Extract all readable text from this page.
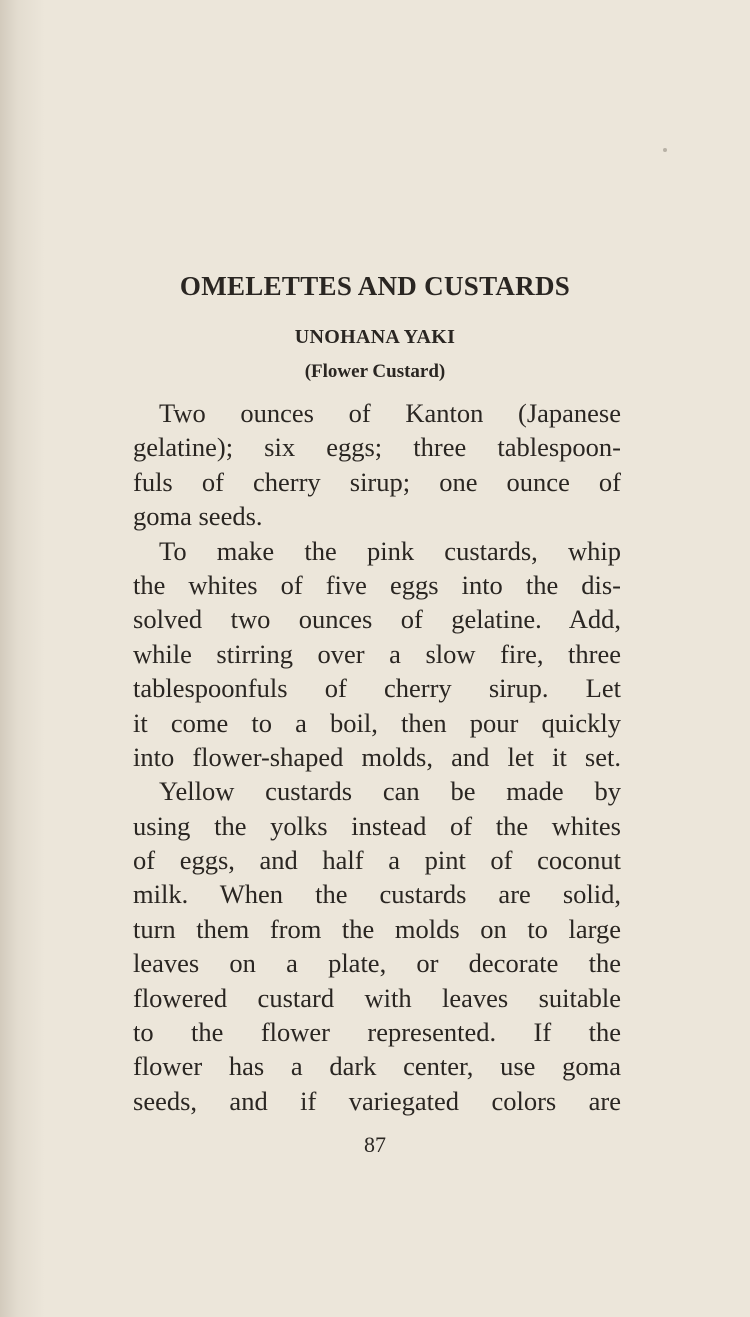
OMELETTES AND CUSTARDS
UNOHANA YAKI
(Flower Custard)
Two ounces of Kanton (Japanese
gelatine); six eggs; three tablespoon-
fuls of cherry sirup; one ounce of
goma seeds.
To make the pink custards, whip
the whites of five eggs into the dis-
solved two ounces of gelatine. Add,
while stirring over a slow fire, three
tablespoonfuls of cherry sirup. Let
it come to a boil, then pour quickly
into flower-shaped molds, and let it set.
Yellow custards can be made by
using the yolks instead of the whites
of eggs, and half a pint of coconut
milk. When the custards are solid,
turn them from the molds on to large
leaves on a plate, or decorate the
flowered custard with leaves suitable
to the flower represented. If the
flower has a dark center, use goma
seeds, and if variegated colors are
87
